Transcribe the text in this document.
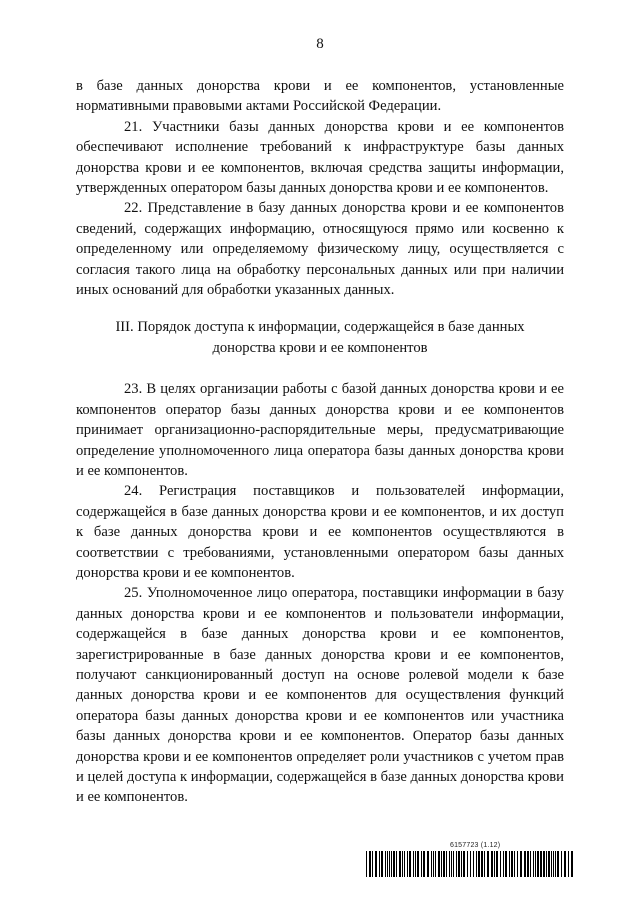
8

в базе данных донорства крови и ее компонентов, установленные нормативными правовыми актами Российской Федерации.

21. Участники базы данных донорства крови и ее компонентов обеспечивают исполнение требований к инфраструктуре базы данных донорства крови и ее компонентов, включая средства защиты информации, утвержденных оператором базы данных донорства крови и ее компонентов.

22. Представление в базу данных донорства крови и ее компонентов сведений, содержащих информацию, относящуюся прямо или косвенно к определенному или определяемому физическому лицу, осуществляется с согласия такого лица на обработку персональных данных или при наличии иных оснований для обработки указанных данных.

III. Порядок доступа к информации, содержащейся в базе данных донорства крови и ее компонентов

23. В целях организации работы с базой данных донорства крови и ее компонентов оператор базы данных донорства крови и ее компонентов принимает организационно-распорядительные меры, предусматривающие определение уполномоченного лица оператора базы данных донорства крови и ее компонентов.

24. Регистрация поставщиков и пользователей информации, содержащейся в базе данных донорства крови и ее компонентов, и их доступ к базе данных донорства крови и ее компонентов осуществляются в соответствии с требованиями, установленными оператором базы данных донорства крови и ее компонентов.

25. Уполномоченное лицо оператора, поставщики информации в базу данных донорства крови и ее компонентов и пользователи информации, содержащейся в базе данных донорства крови и ее компонентов, зарегистрированные в базе данных донорства крови и ее компонентов, получают санкционированный доступ на основе ролевой модели к базе данных донорства крови и ее компонентов для осуществления функций оператора базы данных донорства крови и ее компонентов или участника базы данных донорства крови и ее компонентов. Оператор базы данных донорства крови и ее компонентов определяет роли участников с учетом прав и целей доступа к информации, содержащейся в базе данных донорства крови и ее компонентов.

6157723 (1.12)
